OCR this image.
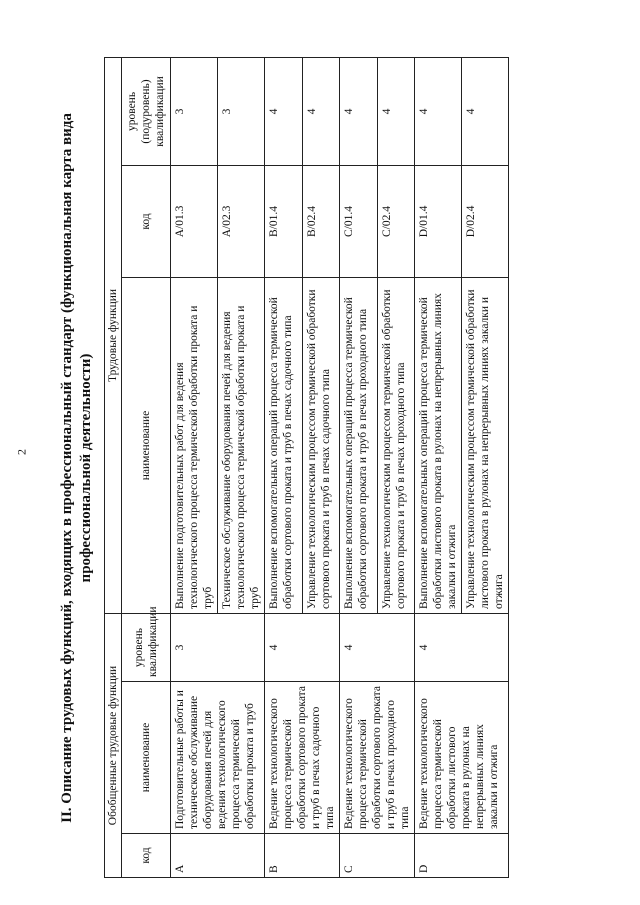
2 II. Описание трудовых функций, входящих в профессиональный стандарт (функциональная карта вида профессиональной деятельности)
Обобщенные трудовые функции			Трудовые функции		
код	наименование	уровень квалификации	наименование	код	уровень (подуровень) квалификации
A	Подготовительные работы и техническое обслуживание оборудования печей для ведения технологического процесса термической обработки проката и труб	3	Выполнение подготовительных работ для ведения технологического процесса термической обработки проката и труб	A/01.3	3
			Техническое обслуживание оборудования печей для ведения технологического процесса термической обработки проката и труб	A/02.3	3
B	Ведение технологического процесса термической обработки сортового проката и труб в печах садочного типа	4	Выполнение вспомогательных операций процесса термической обработки сортового проката и труб в печах садочного типа	B/01.4	4
			Управление технологическим процессом термической обработки сортового проката и труб в печах садочного типа	B/02.4	4
C	Ведение технологического процесса термической обработки сортового проката и труб в печах проходного типа	4	Выполнение вспомогательных операций процесса термической обработки сортового проката и труб в печах проходного типа	C/01.4	4
			Управление технологическим процессом термической обработки сортового проката и труб в печах проходного типа	C/02.4	4
D	Ведение технологического процесса термической обработки листового проката в рулонах на непрерывных линиях закалки и отжига	4	Выполнение вспомогательных операций процесса термической обработки листового проката в рулонах на непрерывных линиях закалки и отжига	D/01.4	4
			Управление технологическим процессом термической обработки листового проката в рулонах на непрерывных линиях закалки и отжига	D/02.4	4
